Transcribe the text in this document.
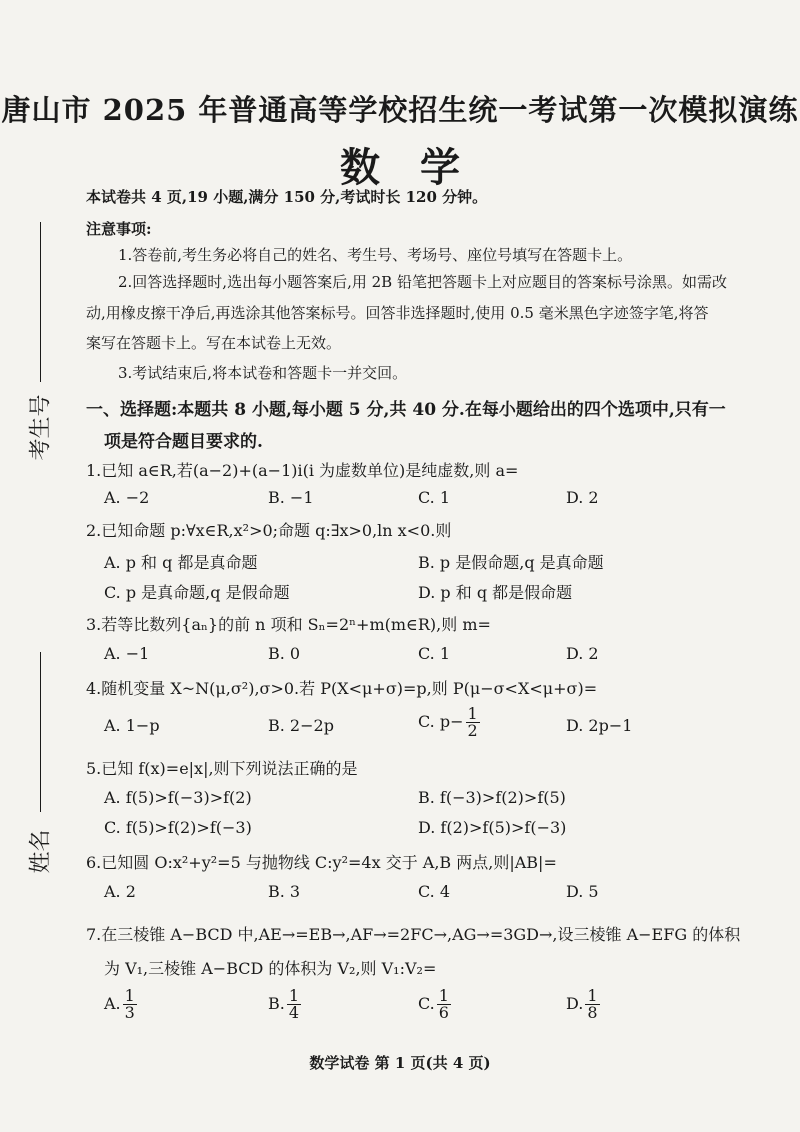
考生号
姓名
唐山市 2025 年普通高等学校招生统一考试第一次模拟演练
数学
本试卷共 4 页,19 小题,满分 150 分,考试时长 120 分钟。
注意事项:
1.答卷前,考生务必将自己的姓名、考生号、考场号、座位号填写在答题卡上。
2.回答选择题时,选出每小题答案后,用 2B 铅笔把答题卡上对应题目的答案标号涂黑。如需改
动,用橡皮擦干净后,再选涂其他答案标号。回答非选择题时,使用 0.5 毫米黑色字迹签字笔,将答
案写在答题卡上。写在本试卷上无效。
3.考试结束后,将本试卷和答题卡一并交回。
一、选择题:本题共 8 小题,每小题 5 分,共 40 分.在每小题给出的四个选项中,只有一
项是符合题目要求的.
1.已知 a∈R,若(a−2)+(a−1)i(i 为虚数单位)是纯虚数,则 a=
A. −2	B. −1	C. 1	D. 2
2.已知命题 p:∀x∈R,x²>0;命题 q:∃x>0,ln x<0.则
A. p 和 q 都是真命题	B. p 是假命题,q 是真命题
C. p 是真命题,q 是假命题	D. p 和 q 都是假命题
3.若等比数列{aₙ}的前 n 项和 Sₙ=2ⁿ+m(m∈R),则 m=
A. −1	B. 0	C. 1	D. 2
4.随机变量 X~N(μ,σ²),σ>0.若 P(X<μ+σ)=p,则 P(μ−σ<X<μ+σ)=
A. 1−p	B. 2−2p	C. $p- \frac{1}{2}$	D. 2p−1
5.已知 f(x)=e|x|,则下列说法正确的是
A. f(5)>f(−3)>f(2)	B. f(−3)>f(2)>f(5)
C. f(5)>f(2)>f(−3)	D. f(2)>f(5)>f(−3)
6.已知圆 O:x²+y²=5 与抛物线 C:y²=4x 交于 A,B 两点,则|AB|=
A. 2	B. 3	C. 4	D. 5
7.在三棱锥 A−BCD 中,AE→=EB→,AF→=2FC→,AG→=3GD→,设三棱锥 A−EFG 的体积
为 V₁,三棱锥 A−BCD 的体积为 V₂,则 V₁:V₂=
A. $\frac{1}{3}$	B. $\frac{1}{4}$	C. $\frac{1}{6}$	D. $\frac{1}{8}$
数学试卷 第 1 页(共 4 页)
